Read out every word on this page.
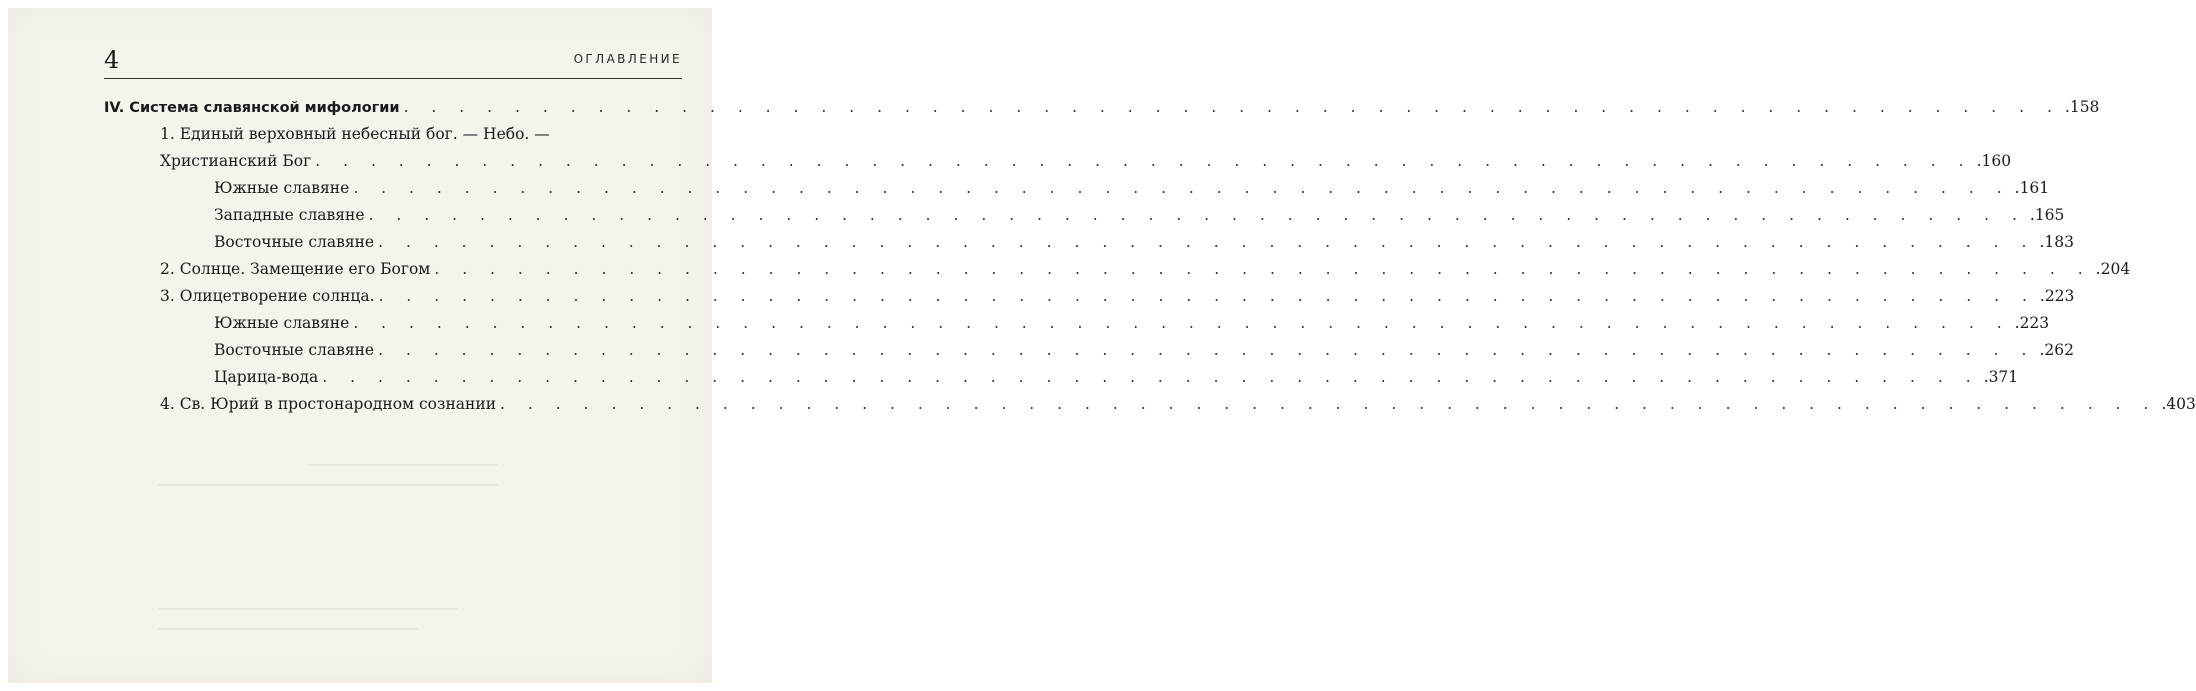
4	ОГЛАВЛЕНИЕ
IV. Система славянской мифологии . . . . . . . . . . . . . . . . . . . . . . . . . . . . . . . . . . . . . . . . . . . . . . . . . . . . . . . . . . . . .158
1. Единый верховный небесный бог. — Небо. —
Христианский Бог . . . . . . . . . . . . . . . . . . . . . . . . . . . . . . . . . . . . . . . . . . . . . . . . . . . . . . . . . . . . .160
Южные славяне . . . . . . . . . . . . . . . . . . . . . . . . . . . . . . . . . . . . . . . . . . . . . . . . . . . . . . . . . . . . .161
Западные славяне . . . . . . . . . . . . . . . . . . . . . . . . . . . . . . . . . . . . . . . . . . . . . . . . . . . . . . . . . . . . .165
Восточные славяне . . . . . . . . . . . . . . . . . . . . . . . . . . . . . . . . . . . . . . . . . . . . . . . . . . . . . . . . . . . . .183
2. Солнце. Замещение его Богом . . . . . . . . . . . . . . . . . . . . . . . . . . . . . . . . . . . . . . . . . . . . . . . . . . . . . . . . . . . . .204
3. Олицетворение солнца. . . . . . . . . . . . . . . . . . . . . . . . . . . . . . . . . . . . . . . . . . . . . . . . . . . . . . . . . . . . . .223
Южные славяне . . . . . . . . . . . . . . . . . . . . . . . . . . . . . . . . . . . . . . . . . . . . . . . . . . . . . . . . . . . . .223
Восточные славяне . . . . . . . . . . . . . . . . . . . . . . . . . . . . . . . . . . . . . . . . . . . . . . . . . . . . . . . . . . . . .262
Царица-вода . . . . . . . . . . . . . . . . . . . . . . . . . . . . . . . . . . . . . . . . . . . . . . . . . . . . . . . . . . . . .371
4. Св. Юрий в простонародном сознании . . . . . . . . . . . . . . . . . . . . . . . . . . . . . . . . . . . . . . . . . . . . . . . . . . . . . . . . . . . . .403
